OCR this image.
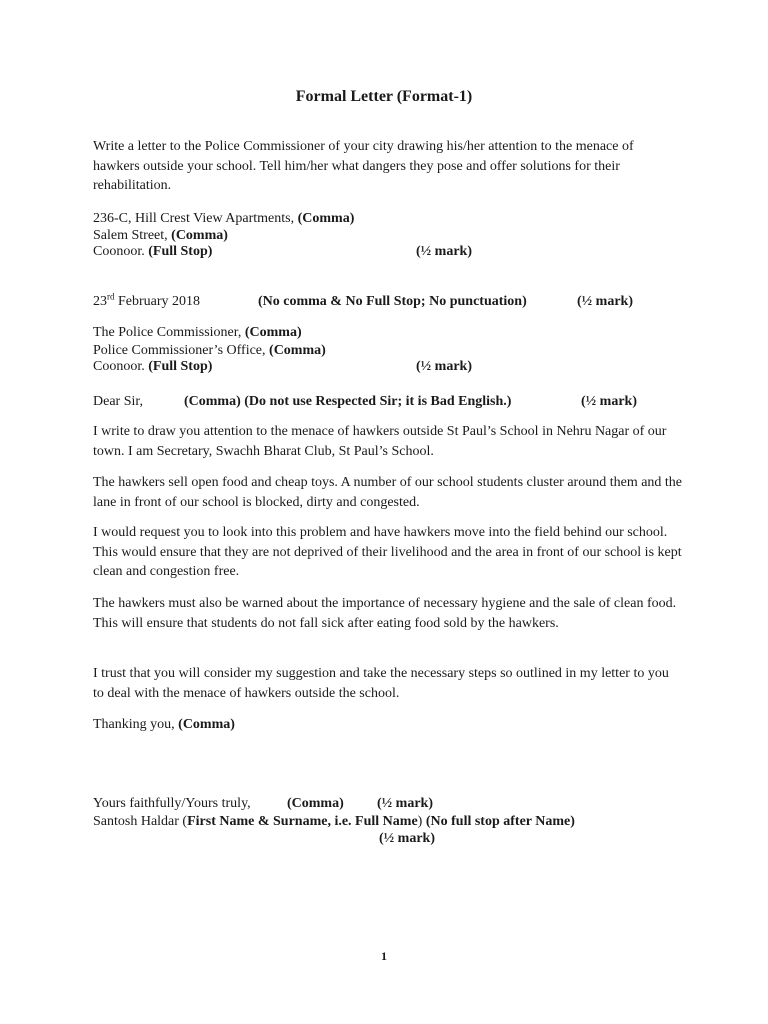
Formal Letter (Format-1)
Write a letter to the Police Commissioner of your city drawing his/her attention to the menace of hawkers outside your school. Tell him/her what dangers they pose and offer solutions for their rehabilitation.
236-C, Hill Crest View Apartments, (Comma)
Salem Street, (Comma)
Coonoor. (Full Stop)	(½ mark)
23rd February 2018	(No comma & No Full Stop; No punctuation)	(½ mark)
The Police Commissioner, (Comma)
Police Commissioner’s Office, (Comma)
Coonoor. (Full Stop)	(½ mark)
Dear Sir,	(Comma) (Do not use Respected Sir; it is Bad English.)	(½ mark)
I write to draw you attention to the menace of hawkers outside St Paul’s School in Nehru Nagar of our town. I am Secretary, Swachh Bharat Club, St Paul’s School.
The hawkers sell open food and cheap toys. A number of our school students cluster around them and the lane in front of our school is blocked, dirty and congested.
I would request you to look into this problem and have hawkers move into the field behind our school. This would ensure that they are not deprived of their livelihood and the area in front of our school is kept clean and congestion free.
The hawkers must also be warned about the importance of necessary hygiene and the sale of clean food. This will ensure that students do not fall sick after eating food sold by the hawkers.
I trust that you will consider my suggestion and take the necessary steps so outlined in my letter to you to deal with the menace of hawkers outside the school.
Thanking you, (Comma)
Yours faithfully/Yours truly,	(Comma) (½ mark)
Santosh Haldar (First Name & Surname, i.e. Full Name) (No full stop after Name)
(½ mark)
1
